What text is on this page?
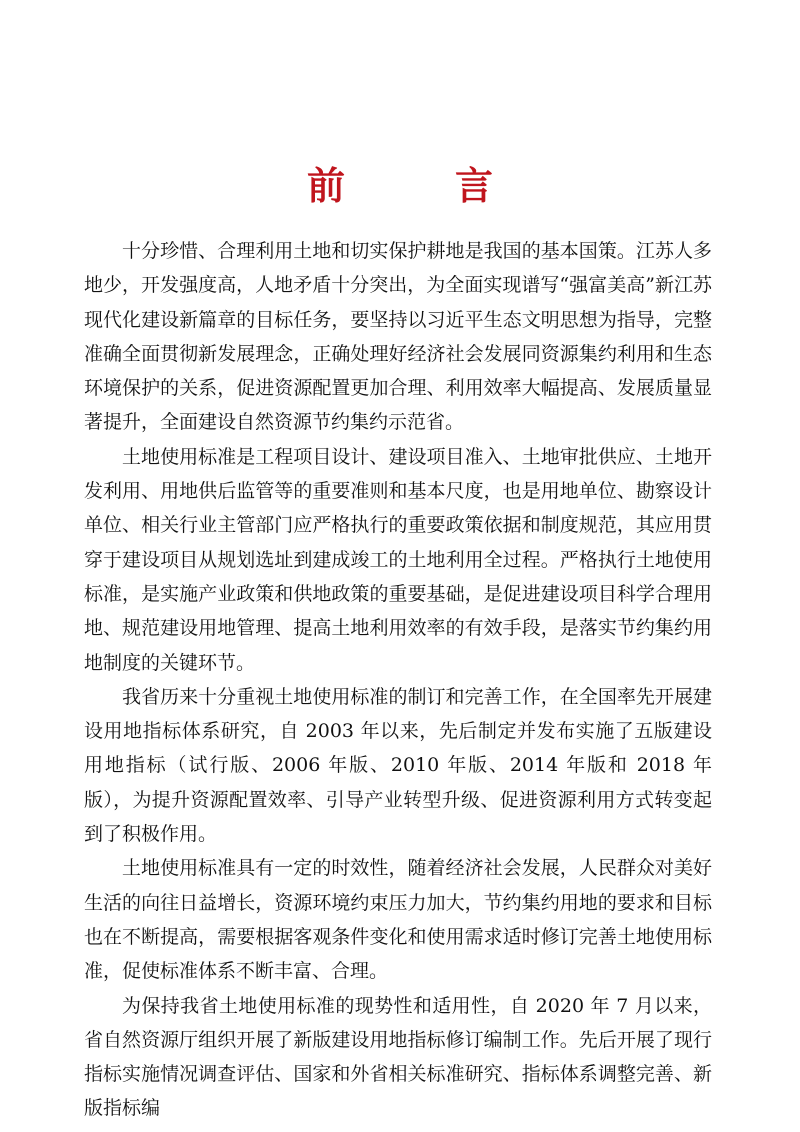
前　言

十分珍惜、合理利用土地和切实保护耕地是我国的基本国策。江苏人多地少，开发强度高，人地矛盾十分突出，为全面实现谱写“强富美高”新江苏现代化建设新篇章的目标任务，要坚持以习近平生态文明思想为指导，完整准确全面贯彻新发展理念，正确处理好经济社会发展同资源集约利用和生态环境保护的关系，促进资源配置更加合理、利用效率大幅提高、发展质量显著提升，全面建设自然资源节约集约示范省。

土地使用标准是工程项目设计、建设项目准入、土地审批供应、土地开发利用、用地供后监管等的重要准则和基本尺度，也是用地单位、勘察设计单位、相关行业主管部门应严格执行的重要政策依据和制度规范，其应用贯穿于建设项目从规划选址到建成竣工的土地利用全过程。严格执行土地使用标准，是实施产业政策和供地政策的重要基础，是促进建设项目科学合理用地、规范建设用地管理、提高土地利用效率的有效手段，是落实节约集约用地制度的关键环节。

我省历来十分重视土地使用标准的制订和完善工作，在全国率先开展建设用地指标体系研究，自 2003 年以来，先后制定并发布实施了五版建设用地指标（试行版、2006 年版、2010 年版、2014 年版和 2018 年版），为提升资源配置效率、引导产业转型升级、促进资源利用方式转变起到了积极作用。

土地使用标准具有一定的时效性，随着经济社会发展，人民群众对美好生活的向往日益增长，资源环境约束压力加大，节约集约用地的要求和目标也在不断提高，需要根据客观条件变化和使用需求适时修订完善土地使用标准，促使标准体系不断丰富、合理。

为保持我省土地使用标准的现势性和适用性，自 2020 年 7 月以来，省自然资源厅组织开展了新版建设用地指标修订编制工作。先后开展了现行指标实施情况调查评估、国家和外省相关标准研究、指标体系调整完善、新版指标编
